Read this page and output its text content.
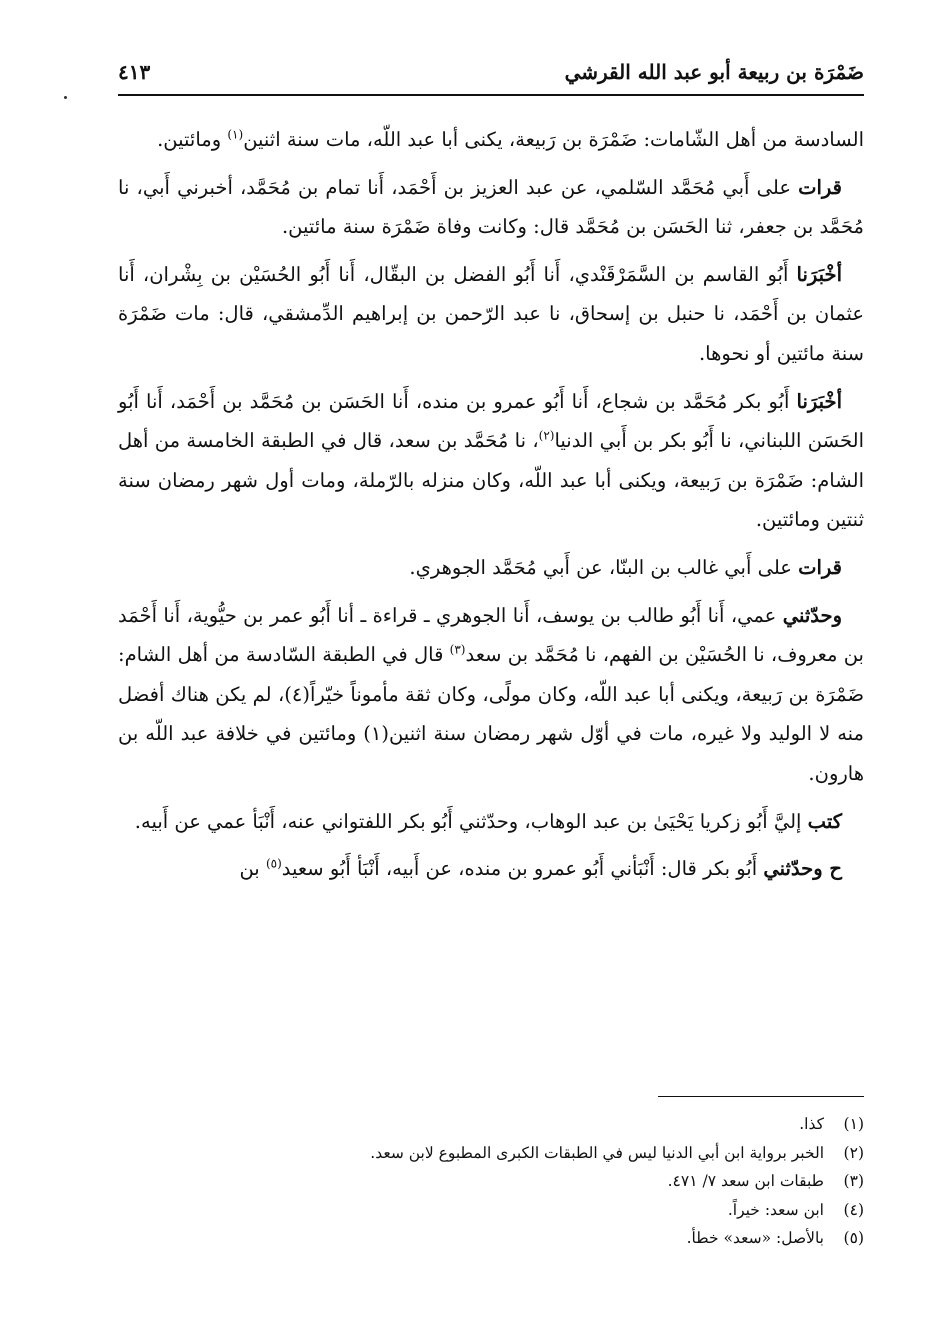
ضَمْرَة بن ربيعة أبو عبد الله القرشي
٤١٣

السادسة من أهل الشّامات: ضَمْرَة بن رَبيعة، يكنى أبا عبد اللّه، مات سنة اثنين$^{(١)}$ ومائتين.

قرات على أَبي مُحَمَّد السّلمي، عن عبد العزيز بن أَحْمَد، أَنا تمام بن مُحَمَّد، أخبرني أَبي، نا مُحَمَّد بن جعفر، ثنا الحَسَن بن مُحَمَّد قال: وكانت وفاة ضَمْرَة سنة مائتين.

أخْبَرَنا أَبُو القاسم بن السَّمَرْقَنْدي، أَنا أَبُو الفضل بن البقّال، أَنا أَبُو الحُسَيْن بن بِشْران، أَنا عثمان بن أَحْمَد، نا حنبل بن إسحاق، نا عبد الرّحمن بن إبراهيم الدِّمشقي، قال: مات ضَمْرَة سنة مائتين أو نحوها.

أخْبَرَنا أَبُو بكر مُحَمَّد بن شجاع، أَنا أَبُو عمرو بن منده، أَنا الحَسَن بن مُحَمَّد بن أَحْمَد، أَنا أَبُو الحَسَن اللبناني، نا أَبُو بكر بن أَبي الدنيا$^{(٢)}$، نا مُحَمَّد بن سعد، قال في الطبقة الخامسة من أهل الشام: ضَمْرَة بن رَبيعة، ويكنى أبا عبد اللّه، وكان منزله بالرّملة، ومات أول شهر رمضان سنة ثنتين ومائتين.

قرات على أَبي غالب بن البنّا، عن أَبي مُحَمَّد الجوهري.

وحدّثني عمي، أَنا أَبُو طالب بن يوسف، أَنا الجوهري ـ قراءة ـ أنا أَبُو عمر بن حيُّوية، أَنا أَحْمَد بن معروف، نا الحُسَيْن بن الفهم، نا مُحَمَّد بن سعد$^{(٣)}$ قال في الطبقة السّادسة من أهل الشام: ضَمْرَة بن رَبيعة، ويكنى أبا عبد اللّه، وكان مولًى، وكان ثقة مأموناً خيّراً(٤)، لم يكن هناك أفضل منه لا الوليد ولا غيره، مات في أوّل شهر رمضان سنة اثنين(١) ومائتين في خلافة عبد اللّه بن هارون.

كتب إليَّ أَبُو زكريا يَحْيَىٰ بن عبد الوهاب، وحدّثني أَبُو بكر اللفتواني عنه، أَنْبَأ عمي عن أَبيه.

ح وحدّثني أَبُو بكر قال: أَنْبَأني أَبُو عمرو بن منده، عن أَبيه، أَنْبَأ أَبُو سعيد$^{(٥)}$ بن

(١)كذا.
(٢)الخبر برواية ابن أبي الدنيا ليس في الطبقات الكبرى المطبوع لابن سعد.
(٣)طبقات ابن سعد ٧/ ٤٧١.
(٤)ابن سعد: خيراً.
(٥)بالأصل: «سعد» خطأ.
